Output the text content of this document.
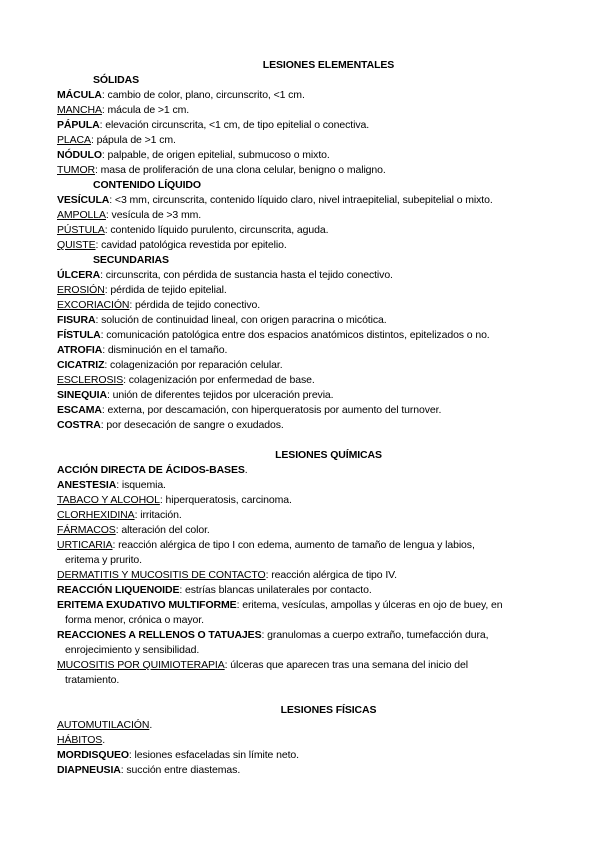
LESIONES ELEMENTALES
SÓLIDAS
MÁCULA: cambio de color, plano, circunscrito, <1 cm.
MANCHA: mácula de >1 cm.
PÁPULA: elevación circunscrita, <1 cm, de tipo epitelial o conectiva.
PLACA: pápula de >1 cm.
NÓDULO: palpable, de origen epitelial, submucoso o mixto.
TUMOR: masa de proliferación de una clona celular, benigno o maligno.
CONTENIDO LÍQUIDO
VESÍCULA: <3 mm, circunscrita, contenido líquido claro, nivel intraepitelial, subepitelial o mixto.
AMPOLLA: vesícula de >3 mm.
PÚSTULA: contenido líquido purulento, circunscrita, aguda.
QUISTE: cavidad patológica revestida por epitelio.
SECUNDARIAS
ÚLCERA: circunscrita, con pérdida de sustancia hasta el tejido conectivo.
EROSIÓN: pérdida de tejido epitelial.
EXCORIACIÓN: pérdida de tejido conectivo.
FISURA: solución de continuidad lineal, con origen paracrina o micótica.
FÍSTULA: comunicación patológica entre dos espacios anatómicos distintos, epitelizados o no.
ATROFIA: disminución en el tamaño.
CICATRIZ: colagenización por reparación celular.
ESCLEROSIS: colagenización por enfermedad de base.
SINEQUIA: unión de diferentes tejidos por ulceración previa.
ESCAMA: externa, por descamación, con hiperqueratosis por aumento del turnover.
COSTRA: por desecación de sangre o exudados.
LESIONES QUÍMICAS
ACCIÓN DIRECTA DE ÁCIDOS-BASES.
ANESTESIA: isquemia.
TABACO Y ALCOHOL: hiperqueratosis, carcinoma.
CLORHEXIDINA: irritación.
FÁRMACOS: alteración del color.
URTICARIA: reacción alérgica de tipo I con edema, aumento de tamaño de lengua y labios,
eritema y prurito.
DERMATITIS Y MUCOSITIS DE CONTACTO: reacción alérgica de tipo IV.
REACCIÓN LIQUENOIDE: estrías blancas unilaterales por contacto.
ERITEMA EXUDATIVO MULTIFORME: eritema, vesículas, ampollas y úlceras en ojo de buey, en
forma menor, crónica o mayor.
REACCIONES A RELLENOS O TATUAJES: granulomas a cuerpo extraño, tumefacción dura,
enrojecimiento y sensibilidad.
MUCOSITIS POR QUIMIOTERAPIA: úlceras que aparecen tras una semana del inicio del
tratamiento.
LESIONES FÍSICAS
AUTOMUTILACIÓN.
HÁBITOS.
MORDISQUEO: lesiones esfaceladas sin límite neto.
DIAPNEUSIA: succión entre diastemas.
